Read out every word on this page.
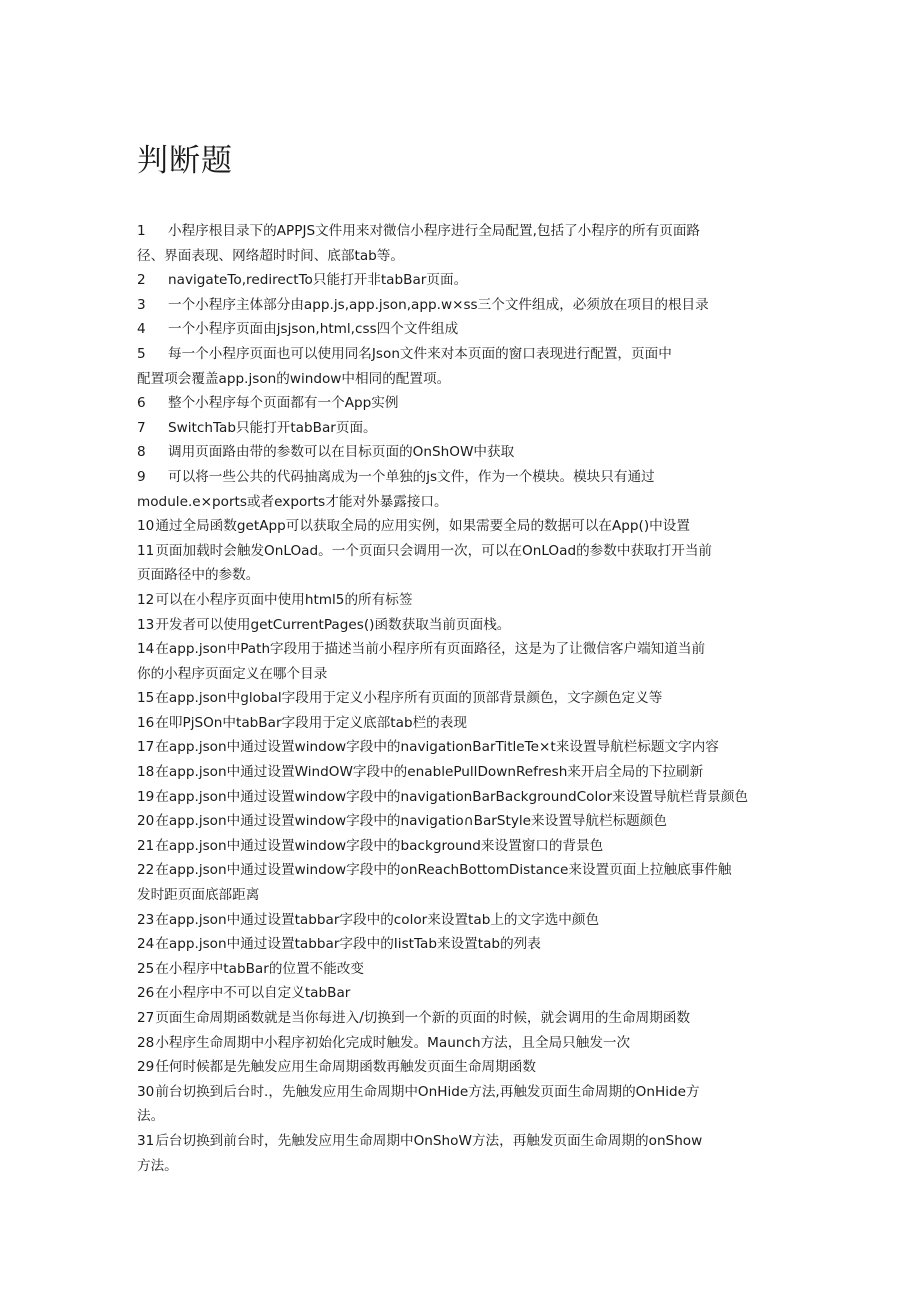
判断题
1	小程序根目录下的APPJS文件用来对微信小程序进行全局配置,包括了小程序的所有页面路
径、界面表现、网络超时时间、底部tab等。
2	navigateTo,redirectTo只能打开非tabBar页面。
3	一个小程序主体部分由app.js,app.json,app.w×ss三个文件组成，必须放在项目的根目录
4	一个小程序页面由jsjson,html,css四个文件组成
5	每一个小程序页面也可以使用同名Json文件来对本页面的窗口表现进行配置，页面中
配置项会覆盖app.json的window中相同的配置项。
6	整个小程序每个页面都有一个App实例
7	SwitchTab只能打开tabBar页面。
8	调用页面路由带的参数可以在目标页面的OnShOW中获取
9	可以将一些公共的代码抽离成为一个单独的js文件，作为一个模块。模块只有通过
module.e×ports或者exports才能对外暴露接口。
10 通过全局函数getApp可以获取全局的应用实例，如果需要全局的数据可以在App()中设置
11 页面加载时会触发OnLOad。一个页面只会调用一次，可以在OnLOad的参数中获取打开当前
页面路径中的参数。
12 可以在小程序页面中使用html5的所有标签
13 开发者可以使用getCurrentPages()函数获取当前页面栈。
14 在app.json中Path字段用于描述当前小程序所有页面路径，这是为了让微信客户端知道当前
你的小程序页面定义在哪个目录
15 在app.json中global字段用于定义小程序所有页面的顶部背景颜色，文字颜色定义等
16 在叩PjSOn中tabBar字段用于定义底部tab栏的表现
17 在app.json中通过设置window字段中的navigationBarTitleTe×t来设置导航栏标题文字内容
18 在app.json中通过设置WindOW字段中的enablePullDownRefresh来开启全局的下拉刷新
19 在app.json中通过设置window字段中的navigationBarBackgroundColor来设置导航栏背景颜色
20 在app.json中通过设置window字段中的navigatio∩BarStyle来设置导航栏标题颜色
21 在app.json中通过设置window字段中的background来设置窗口的背景色
22 在app.json中通过设置window字段中的onReachBottomDistance来设置页面上拉触底事件触
发时距页面底部距离
23 在app.json中通过设置tabbar字段中的color来设置tab上的文字选中颜色
24 在app.json中通过设置tabbar字段中的IistTab来设置tab的列表
25 在小程序中tabBar的位置不能改变
26 在小程序中不可以自定义tabBar
27 页面生命周期函数就是当你每进入/切换到一个新的页面的时候，就会调用的生命周期函数
28 小程序生命周期中小程序初始化完成时触发。Maunch方法，且全局只触发一次
29 任何时候都是先触发应用生命周期函数再触发页面生命周期函数
30 前台切换到后台时.，先触发应用生命周期中OnHide方法,再触发页面生命周期的OnHide方
法。
31 后台切换到前台时，先触发应用生命周期中OnShoW方法，再触发页面生命周期的onShow
方法。
